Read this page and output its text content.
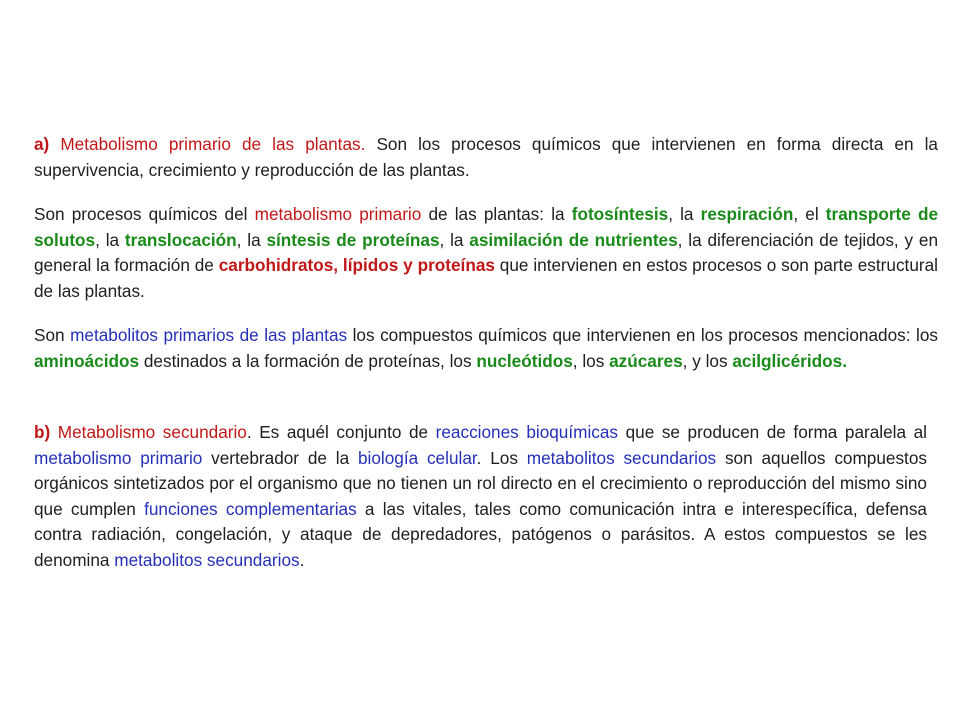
a) Metabolismo primario de las plantas. Son los procesos químicos que intervienen en forma directa en la supervivencia, crecimiento y reproducción de las plantas.

Son procesos químicos del metabolismo primario de las plantas: la fotosíntesis, la respiración, el transporte de solutos, la translocación, la síntesis de proteínas, la asimilación de nutrientes, la diferenciación de tejidos, y en general la formación de carbohidratos, lípidos y proteínas que intervienen en estos procesos o son parte estructural de las plantas.

Son metabolitos primarios de las plantas los compuestos químicos que intervienen en los procesos mencionados: los aminoácidos destinados a la formación de proteínas, los nucleótidos, los azúcares, y los acilglicéridos.

b) Metabolismo secundario. Es aquél conjunto de reacciones bioquímicas que se producen de forma paralela al metabolismo primario vertebrador de la biología celular. Los metabolitos secundarios son aquellos compuestos orgánicos sintetizados por el organismo que no tienen un rol directo en el crecimiento o reproducción del mismo sino que cumplen funciones complementarias a las vitales, tales como comunicación intra e interespecífica, defensa contra radiación, congelación, y ataque de depredadores, patógenos o parásitos. A estos compuestos se les denomina metabolitos secundarios.
